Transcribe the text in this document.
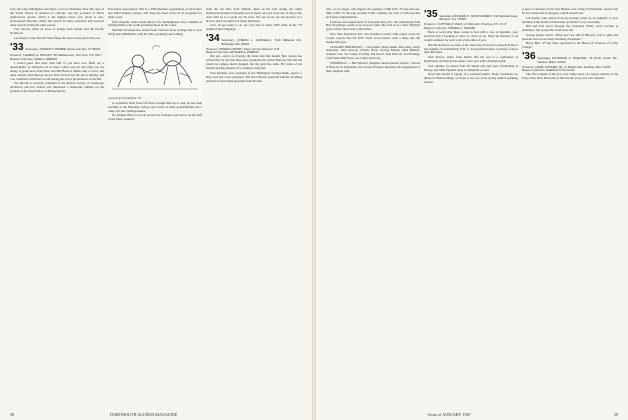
Jack and Clara Rimington sent them a card at Christmas. Now the class of the Seven Sisters of America in Chicago was the occasion of Silver Anniversary Award, which is the highest honor ever given to non-professional Nuwanis. Marty has served in many capacities and received other awards during the same period.

Fred Sawyer sends us news of doings from Alaska and the Pacific Northwest.

Lee Bogert writes that the Sister Shop has been a busy place this year.

'33 Secretary, JOSEPH T. FRISBIE, Route 113, Ely, VT 05044
Treasurer, CHARLES A. NIELSEN, 383 Madison Ave., New York, N.Y. 10017
Bequest Chairman, WARD A. PARKER

I would guess that more than half of you have now filled out a questionnaire or otherwise let us know where you are and what you are doing. A grand note from Ellen and Bill Bush in Maine tells of snow and quiet winters; Olin Moody reports from Tucson that the sun is shining; and Lou Cushman in Hartford is still among the active practitioners at the Bar.

Vin Merrill is currently president of the Boston Society of Landscape Architects and has written and illustrated a handsome bulletin on the gardens of the North Shore of Massachusetts.

Procedures Association. This is a 3500-member organization of electronics and allied industry people, and Tony has been active in its programs for many years.

Paul Chauvin, audio-visual director for Westinghouse, has a number of training films to his credit and many more in the works.

Marshall Newman has retired from Vermont State College and is now living near Middlebury with his wife, gardening and writing.

Cartoon by Ed Cammack ’33

A wonderful letter from Jeff Dorn brought him up to date; he has been teaching at the Berkshire School and writes of three grandchildren and a camp on Lake Winnipesaukee.

Dr. Sumner Baier is now in practice in Lexington and serves on the staff of the Mass. General.

from the old New York Tribune taken on the trail spring day when Dartmouth students blossomed out in shorts and you were one of those who went with us to a picnic by the river. We ran across our old pictures in a drawer and it brought back many memories.

Let’s all get ready to do our very best to make 1967 shine in the ’33 Alumni Fund campaign.

'34 Secretary, JOSEPH L. HARCELLA, 7113 Millwood Rd., Bethesda, Md. 20034
Treasurer, THOMAS DENNIS, Thayer School, Hanover, N.H.
Bequest Chairman, RICHARD A. PERKINS

Dig up!—And a so Forgive the letter mail this month. Bob Carson has written that for the first time since graduation he visited Hanover this fall and found the campus much changed, but the spirit the same. He writes of old friends and the pleasure of a weekend at the Inn.

Tom Parshall, now president of the Burlington Savings Bank, reports a busy year and a new grandson. The Fred Thayers spent the summer in Maine and Ken Jordan sends greetings from Florida.

58	DARTMOUTH ALUMNI MAGAZINE

who, as we expect, will support the passing of Milt Irell ’35 one-and-one-time Coffin. To the Cup awarded Cmdr. Cushing, the class of 1934 extends profound congratulations.

From the sun-soaked shore of Coronado Key, Fla., the reminiscing from Bob Newburger seems to be in good form. He went in as a New England sports writer and is now retired there.

New York Operation 007, who finished recently with copper horns Ed Conan, reports that the Wall Street crowd hasn’t seen a thing like the market this year.

JANUARY BIRTHDAYS — Jim Alden, Ernie Atkins, Bert Alley, Andy Anderson, John Atwood, Charlie Beck, George Belden, Dick Burkett, Gardner Carr, Sol Cohen, Ed Daly, Jim Dowd, Tom Driscoll, Art Eldridge, Jack Fisher, Bill Foote, Joe Fuller, Don Gay.

WEDDINGS — Bill Wilson’s daughter Susan married David J. Moore at Hanover in September; the Gordon Evanses announce the engagement of their daughter Ann.

'35 Secretary, RICHARD K. MONTGOMERY, 434 Wendell Lane, Boonton, N.J. 07005
Treasurer, CLIFFORD T. HALE, 125 Benedict, Flushing, N.Y. 10110
Bequest Chairman, THOMAS L. WALKER

Back at work after three weeks in bed with a case of hepatitis, your secretary has a backlog of news to catch up on. Only the hardiest of us would volunteer for such a job at this time of year.

Bob Bock had an account of his canoe trip down the Connecticut River last summer, from Pittsburg, N.H., to Long Island Sound, a journey of more than 400 miles.

Paul Shorey writes from Maine that his son is a sophomore at Dartmouth, and that he has taken a new post with a Portland bank.

Last summer we heard from Ed Shedd who has been vacationing in Europe and finds England quite as delightful as ever.

News this month is largely of a personal nature. Many classmates we missed at Homecoming; we hope to see you at the spring reunion planning session.

A note of reference from Stan Britton, now living in Pittsburgh, reports that he has retired and is enjoying a much-needed rest.

Cal Kelley, who retired from an exciting career as an engineer, is now teaching at the Stanford University and finds it very rewarding.

Bill and Fran drove through the Chaitenay Valley; Jerry Gardner is planning a trip around the world next fall.

George Kaiser writes: "Billy and I are still in Hanover. Life is quiet and pleasant and we see many returning classmates."

Harry Bird ’35 has been appointed to the Board of Trustees of Colby College.

'36 Secretary, RAYMOND H. BUELTER, 76 North Cedar Rd., Newton, Mass. 02160
Treasurer, JAMES STEWART, JR., 25 Baldwin Rd., Reading, Mass. 01867
Bequest Chairman, HAROLD H. PLOUGH

The first column of the new year brings news of a happy reunion of the Forty Club. Dick Deal tells us that the fall party was well attended.

Issue of JANUARY 1967	59
